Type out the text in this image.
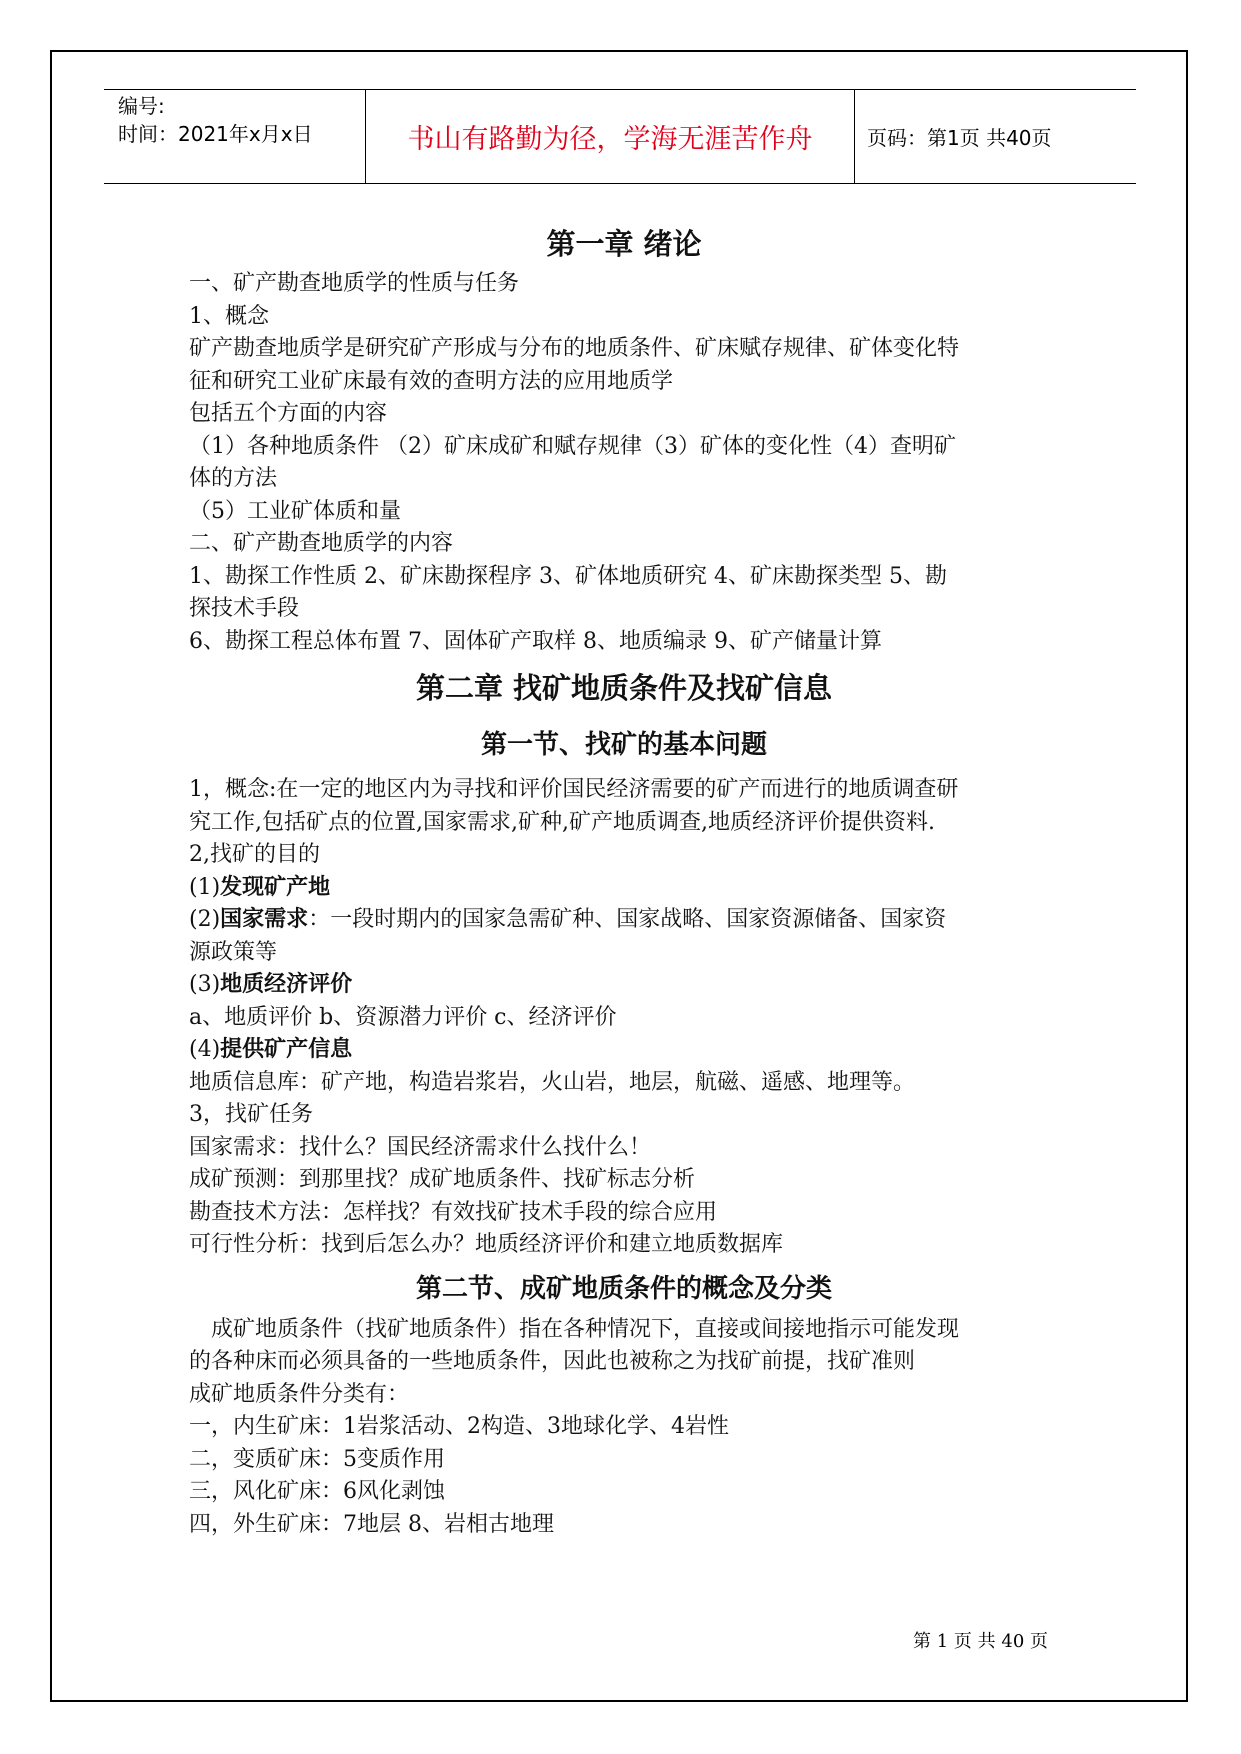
编号:
时间：2021年x月x日	书山有路勤为径，学海无涯苦作舟	页码：第1页 共40页
第一章 绪论

一、矿产勘查地质学的性质与任务

1、概念

矿产勘查地质学是研究矿产形成与分布的地质条件、矿床赋存规律、矿体变化特

征和研究工业矿床最有效的查明方法的应用地质学

包括五个方面的内容

（1）各种地质条件 （2）矿床成矿和赋存规律（3）矿体的变化性（4）查明矿

体的方法

（5）工业矿体质和量

二、矿产勘查地质学的内容

1、勘探工作性质 2、矿床勘探程序 3、矿体地质研究 4、矿床勘探类型 5、勘

探技术手段

6、勘探工程总体布置 7、固体矿产取样 8、地质编录 9、矿产储量计算

第二章 找矿地质条件及找矿信息
第一节、找矿的基本问题

1，概念:在一定的地区内为寻找和评价国民经济需要的矿产而进行的地质调查研

究工作,包括矿点的位置,国家需求,矿种,矿产地质调查,地质经济评价提供资料.

2,找矿的目的

(1)发现矿产地

(2)国家需求：一段时期内的国家急需矿种、国家战略、国家资源储备、国家资

源政策等

(3)地质经济评价

a、地质评价 b、资源潜力评价 c、经济评价

(4)提供矿产信息

地质信息库：矿产地，构造岩浆岩，火山岩，地层，航磁、遥感、地理等。

3，找矿任务

国家需求：找什么？国民经济需求什么找什么！

成矿预测：到那里找？成矿地质条件、找矿标志分析

勘查技术方法：怎样找？有效找矿技术手段的综合应用

可行性分析：找到后怎么办？地质经济评价和建立地质数据库

第二节、成矿地质条件的概念及分类

成矿地质条件（找矿地质条件）指在各种情况下，直接或间接地指示可能发现

的各种床而必须具备的一些地质条件，因此也被称之为找矿前提，找矿准则

成矿地质条件分类有：

一，内生矿床：1岩浆活动、2构造、3地球化学、4岩性

二，变质矿床：5变质作用

三，风化矿床：6风化剥蚀

四，外生矿床：7地层 8、岩相古地理

第 1 页 共 40 页
